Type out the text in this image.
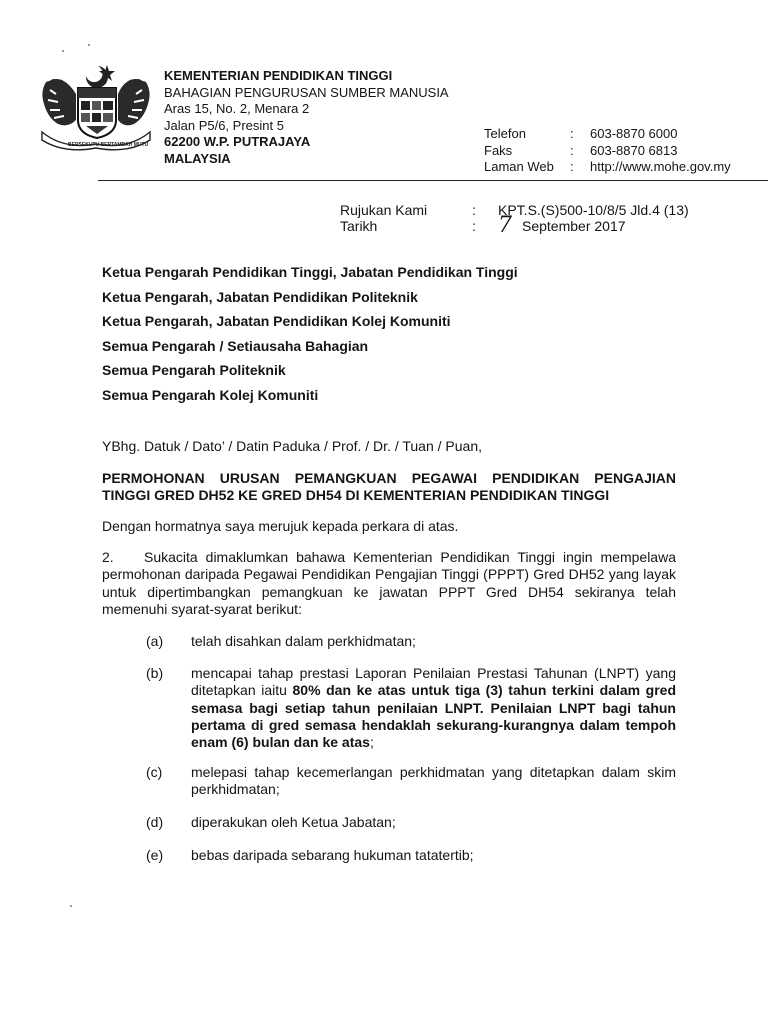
BERSEKUTU BERTAMBAH MUTU
KEMENTERIAN PENDIDIKAN TINGGI
BAHAGIAN PENGURUSAN SUMBER MANUSIA
Aras 15, No. 2, Menara 2
Jalan P5/6, Presint 5
62200 W.P. PUTRAJAYA
MALAYSIA
Telefon	:	603-8870 6000
Faks	:	603-8870 6813
Laman Web	:	http://www.mohe.gov.my
Rujukan Kami	:	KPT.S.(S)500-10/8/5 Jld.4 (13)
Tarikh	:	7 September 2017
Ketua Pengarah Pendidikan Tinggi, Jabatan Pendidikan Tinggi
Ketua Pengarah, Jabatan Pendidikan Politeknik
Ketua Pengarah, Jabatan Pendidikan Kolej Komuniti
Semua Pengarah / Setiausaha Bahagian
Semua Pengarah Politeknik
Semua Pengarah Kolej Komuniti
YBhg. Datuk / Dato’ / Datin Paduka / Prof. / Dr. / Tuan / Puan,
PERMOHONAN URUSAN PEMANGKUAN PEGAWAI PENDIDIKAN PENGAJIAN
TINGGI GRED DH52 KE GRED DH54 DI KEMENTERIAN PENDIDIKAN TINGGI
Dengan hormatnya saya merujuk kepada perkara di atas.
2. Sukacita dimaklumkan bahawa Kementerian Pendidikan Tinggi ingin mempelawa permohonan daripada Pegawai Pendidikan Pengajian Tinggi (PPPT) Gred DH52 yang layak untuk dipertimbangkan pemangkuan ke jawatan PPPT Gred DH54 sekiranya telah memenuhi syarat-syarat berikut:
(a)	telah disahkan dalam perkhidmatan;
(b)	mencapai tahap prestasi Laporan Penilaian Prestasi Tahunan (LNPT) yang ditetapkan iaitu 80% dan ke atas untuk tiga (3) tahun terkini dalam gred semasa bagi setiap tahun penilaian LNPT. Penilaian LNPT bagi tahun pertama di gred semasa hendaklah sekurang-kurangnya dalam tempoh enam (6) bulan dan ke atas;
(c)	melepasi tahap kecemerlangan perkhidmatan yang ditetapkan dalam skim perkhidmatan;
(d)	diperakukan oleh Ketua Jabatan;
(e)	bebas daripada sebarang hukuman tatatertib;
